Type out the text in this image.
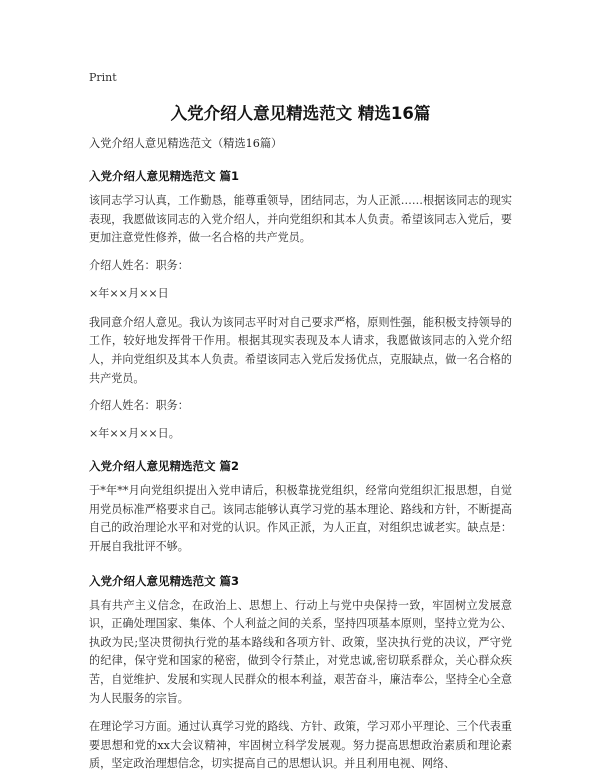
Print
入党介绍人意见精选范文 精选16篇
入党介绍人意见精选范文（精选16篇）
入党介绍人意见精选范文 篇1

该同志学习认真，工作勤恳，能尊重领导，团结同志，为人正派……根据该同志的现实表现，我愿做该同志的入党介绍人，并向党组织和其本人负责。希望该同志入党后，要更加注意党性修养，做一名合格的共产党员。

介绍人姓名：职务：

×年××月××日

我同意介绍人意见。我认为该同志平时对自己要求严格，原则性强，能积极支持领导的工作，较好地发挥骨干作用。根据其现实表现及本人请求，我愿做该同志的入党介绍人，并向党组织及其本人负责。希望该同志入党后发扬优点，克服缺点，做一名合格的共产党员。

介绍人姓名：职务：

×年××月××日。

入党介绍人意见精选范文 篇2

于*年**月向党组织提出入党申请后，积极靠拢党组织，经常向党组织汇报思想，自觉用党员标准严格要求自己。该同志能够认真学习党的基本理论、路线和方针，不断提高自己的政治理论水平和对党的认识。作风正派，为人正直，对组织忠诚老实。缺点是：开展自我批评不够。

入党介绍人意见精选范文 篇3

具有共产主义信念，在政治上、思想上、行动上与党中央保持一致，牢固树立发展意识，正确处理国家、集体、个人利益之间的关系，坚持四项基本原则，坚持立党为公、执政为民;坚决贯彻执行党的基本路线和各项方针、政策，坚决执行党的决议，严守党的纪律，保守党和国家的秘密，做到令行禁止，对党忠诚,密切联系群众，关心群众疾苦，自觉维护、发展和实现人民群众的根本利益，艰苦奋斗，廉洁奉公，坚持全心全意为人民服务的宗旨。

在理论学习方面。通过认真学习党的路线、方针、政策，学习邓小平理论、三个代表重要思想和党的xx大会议精神，牢固树立科学发展观。努力提高思想政治素质和理论素质，坚定政治理想信念，切实提高自己的思想认识。并且利用电视、网络、
